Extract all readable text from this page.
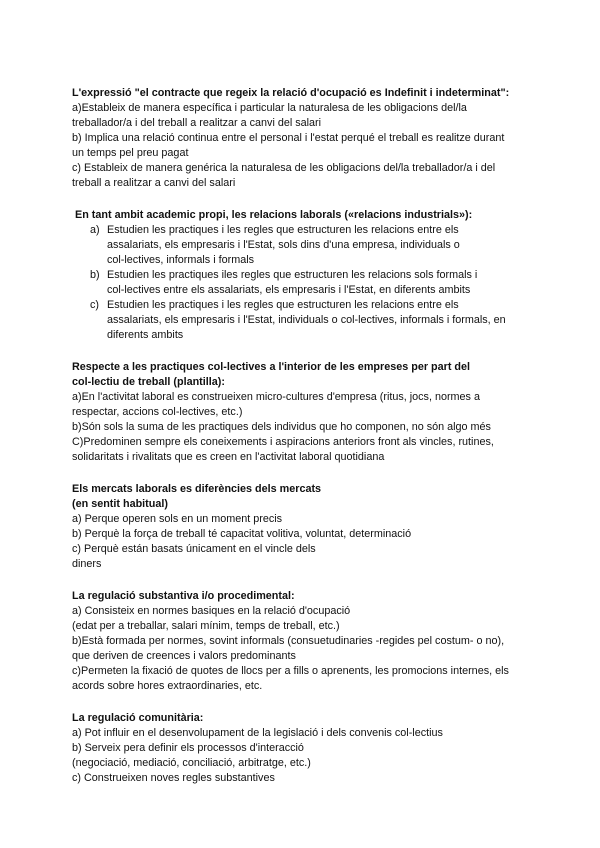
L'expressió "el contracte que regeix la relació d'ocupació es Indefinit i indeterminat":
a)Estableix de manera específica i particular la naturalesa de les obligacions del/la
treballador/a i del treball a realitzar a canvi del salari
b) Implica una relació continua entre el personal i l'estat perqué el treball es realitze durant
un temps pel preu pagat
c) Estableix de manera genérica la naturalesa de les obligacions del/la treballador/a i del
treball a realitzar a canvi del salari
En tant ambit academic propi, les relacions laborals («relacions industrials»):
a) Estudien les practiques i les regles que estructuren les relacions entre els
assalariats, els empresaris i l'Estat, sols dins d'una empresa, individuals o
col-lectives, informals i formals
b) Estudien les practiques iles regles que estructuren les relacions sols formals i
col-lectives entre els assalariats, els empresaris i l'Estat, en diferents ambits
c) Estudien les practiques i les regles que estructuren les relacions entre els
assalariats, els empresaris i l'Estat, individuals o col-lectives, informals i formals, en
diferents ambits
Respecte a les practiques col-lectives a l'interior de les empreses per part del
col-lectiu de treball (plantilla):
a)En l'activitat laboral es construeixen micro-cultures d'empresa (ritus, jocs, normes a
respectar, accions col-lectives, etc.)
b)Són sols la suma de les practiques dels individus que ho componen, no són algo més
C)Predominen sempre els coneixements i aspiracions anteriors front als vincles, rutines,
solidaritats i rivalitats que es creen en l'activitat laboral quotidiana
Els mercats laborals es diferències dels mercats
(en sentit habitual)
a) Perque operen sols en un moment precis
b) Perquè la força de treball té capacitat volitiva, voluntat, determinació
c) Perquè están basats únicament en el vincle dels
diners
La regulació substantiva i/o procedimental:
a) Consisteix en normes basiques en la relació d'ocupació
(edat per a treballar, salari mínim, temps de treball, etc.)
b)Està formada per normes, sovint informals (consuetudinaries -regides pel costum- o no),
que deriven de creences i valors predominants
c)Permeten la fixació de quotes de llocs per a fills o aprenents, les promocions internes, els
acords sobre hores extraordinaries, etc.
La regulació comunitària:
a) Pot influir en el desenvolupament de la legislació i dels convenis col-lectius
b) Serveix pera definir els processos d'interacció
(negociació, mediació, conciliació, arbitratge, etc.)
c) Construeixen noves regles substantives
